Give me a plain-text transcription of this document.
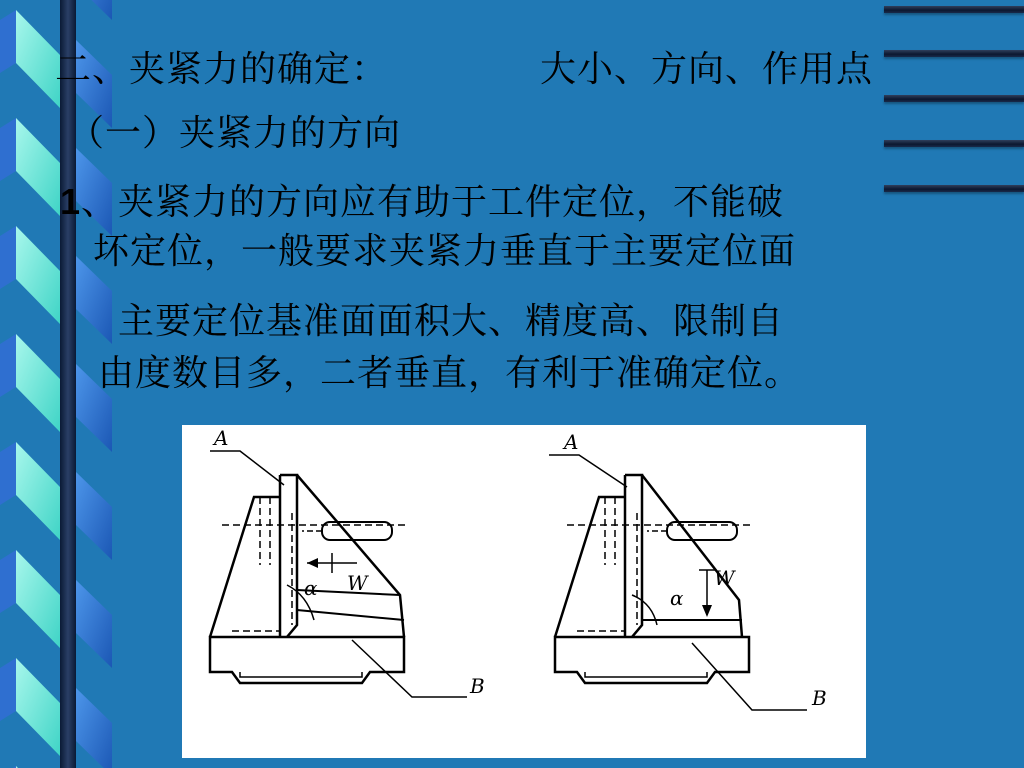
二、夹紧力的确定：	大小、方向、作用点
（一）夹紧力的方向
1、夹紧力的方向应有助于工件定位，不能破
坏定位，一般要求夹紧力垂直于主要定位面
主要定位基准面面积大、精度高、限制自
由度数目多，二者垂直，有利于准确定位。
A
B
α W
A
B
α
W
